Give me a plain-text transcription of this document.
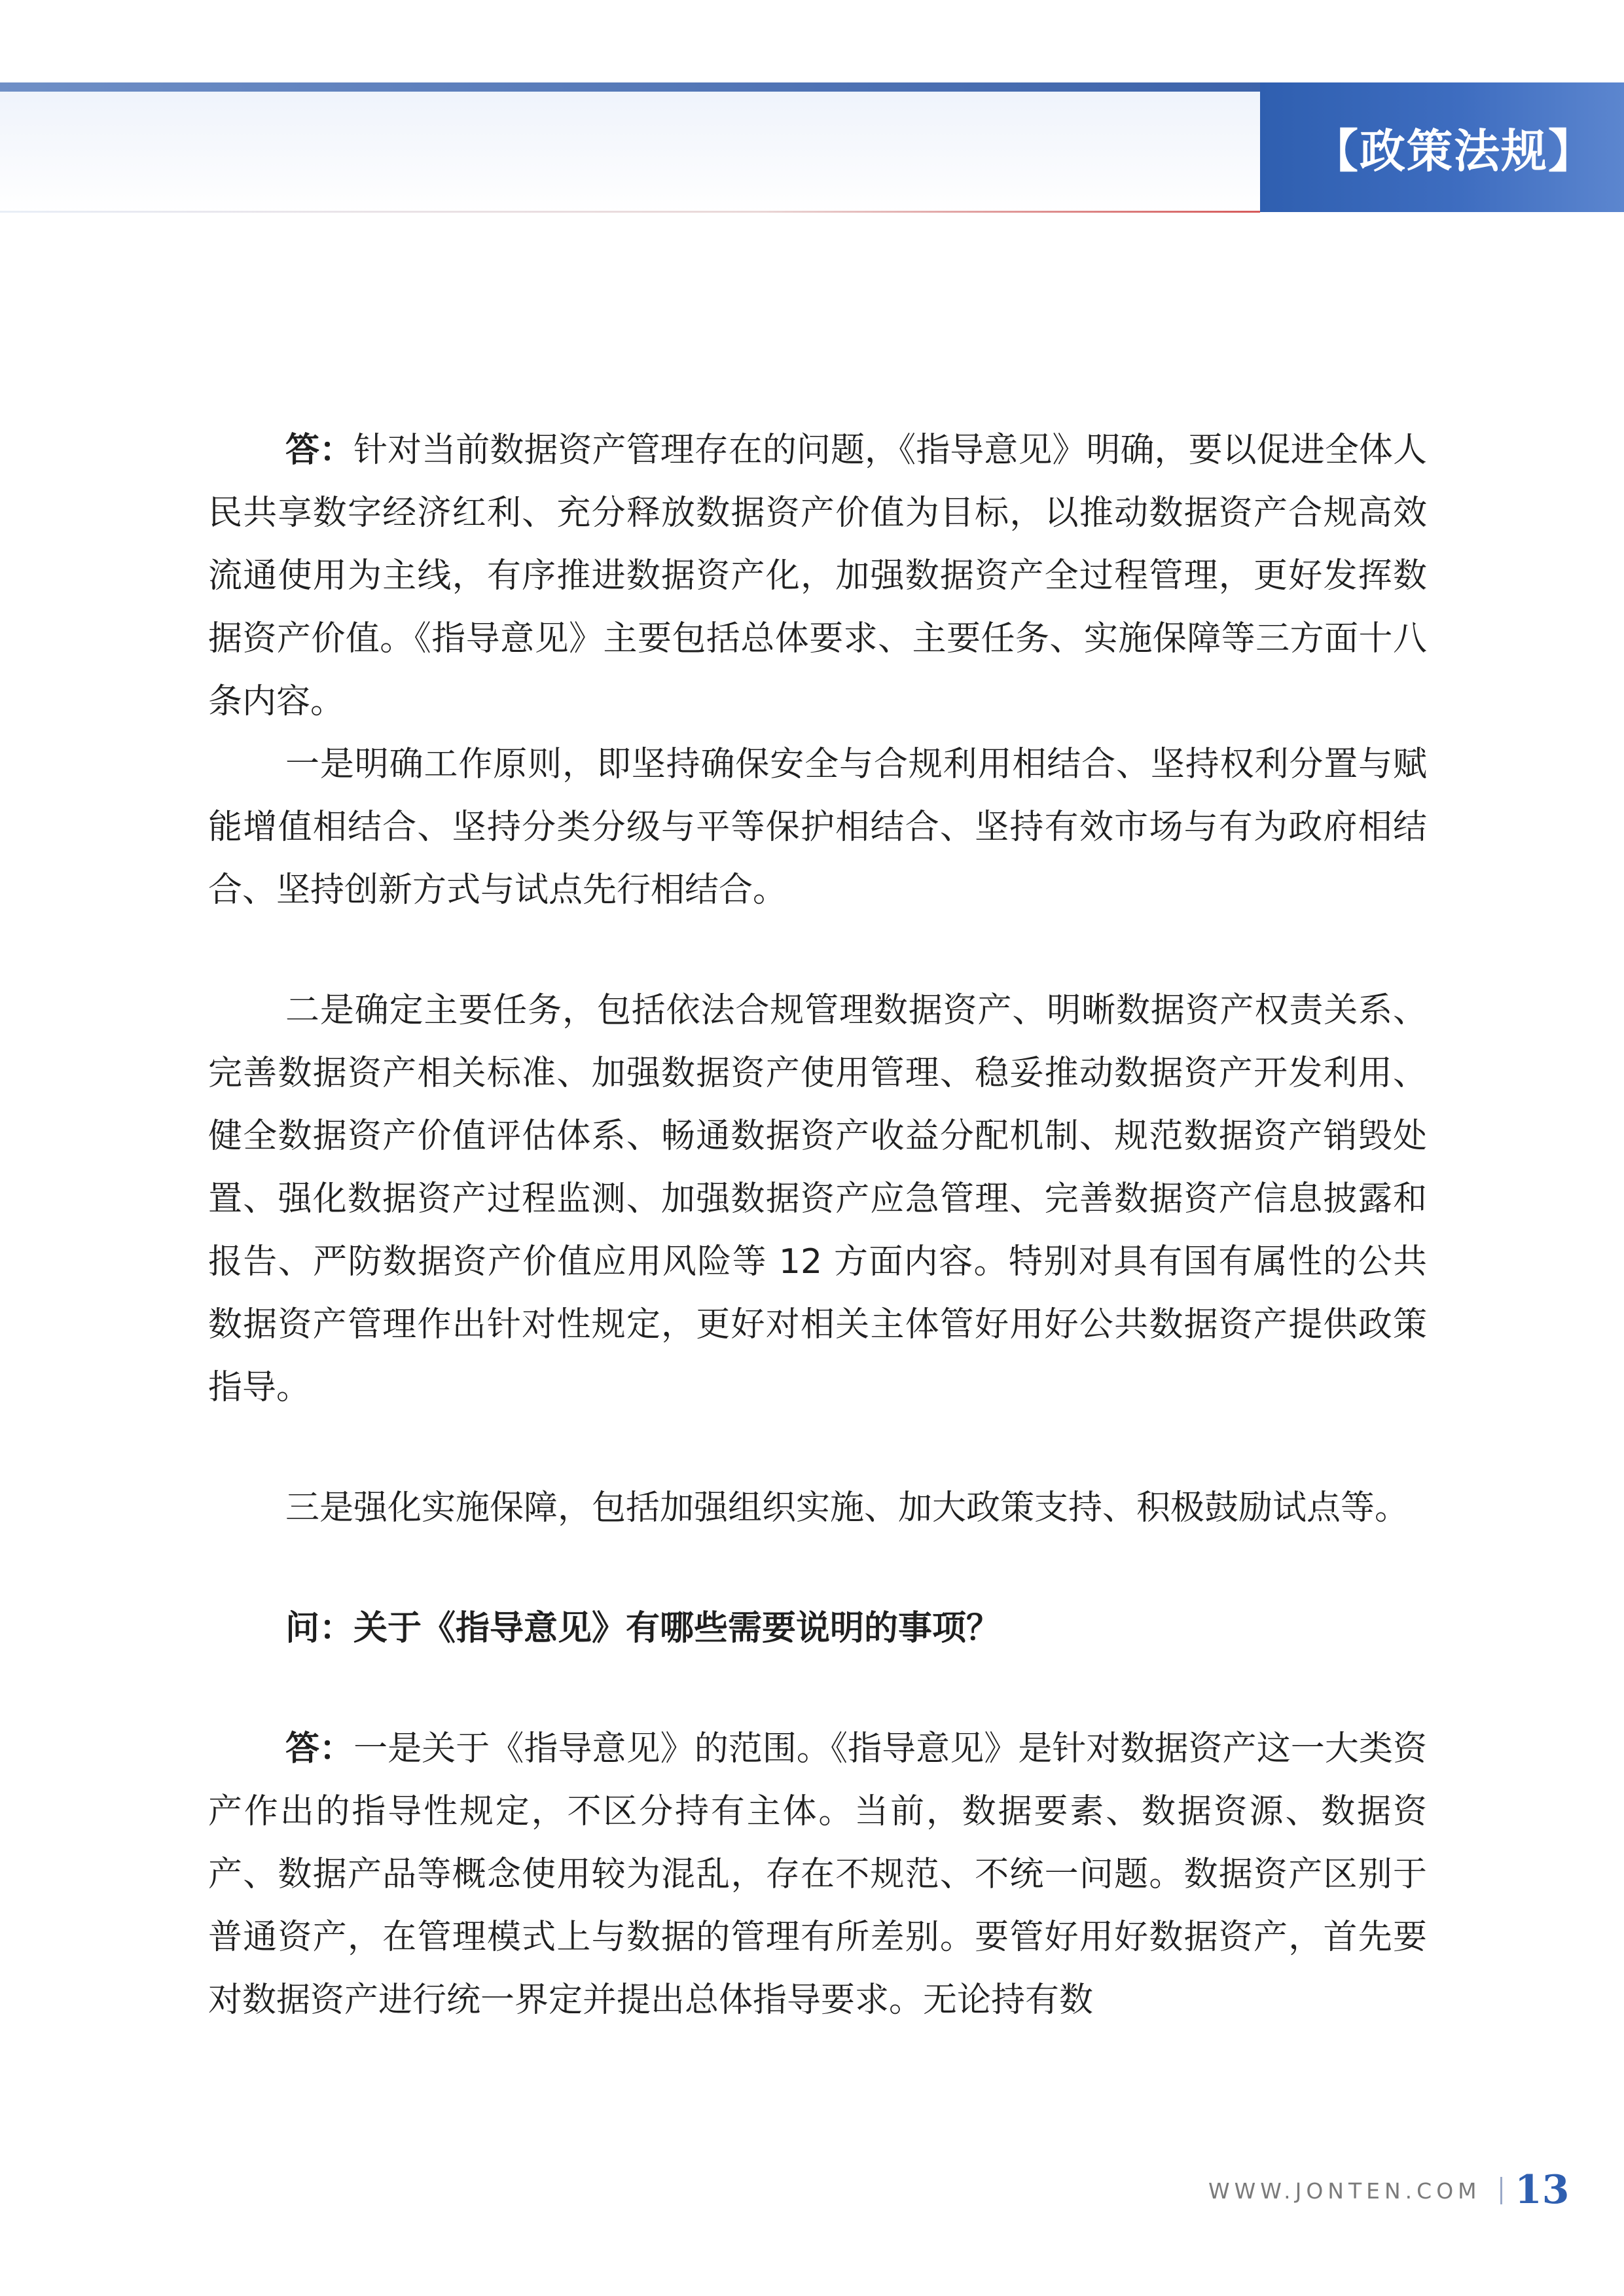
【政策法规】

答：针对当前数据资产管理存在的问题，《指导意见》明确，要以促进全体人民共享数字经济红利、充分释放数据资产价值为目标，以推动数据资产合规高效流通使用为主线，有序推进数据资产化，加强数据资产全过程管理，更好发挥数据资产价值。《指导意见》主要包括总体要求、主要任务、实施保障等三方面十八条内容。

一是明确工作原则，即坚持确保安全与合规利用相结合、坚持权利分置与赋能增值相结合、坚持分类分级与平等保护相结合、坚持有效市场与有为政府相结合、坚持创新方式与试点先行相结合。

二是确定主要任务，包括依法合规管理数据资产、明晰数据资产权责关系、完善数据资产相关标准、加强数据资产使用管理、稳妥推动数据资产开发利用、健全数据资产价值评估体系、畅通数据资产收益分配机制、规范数据资产销毁处置、强化数据资产过程监测、加强数据资产应急管理、完善数据资产信息披露和报告、严防数据资产价值应用风险等 12 方面内容。特别对具有国有属性的公共数据资产管理作出针对性规定，更好对相关主体管好用好公共数据资产提供政策指导。

三是强化实施保障，包括加强组织实施、加大政策支持、积极鼓励试点等。

问：关于《指导意见》有哪些需要说明的事项？

答：一是关于《指导意见》的范围。《指导意见》是针对数据资产这一大类资产作出的指导性规定，不区分持有主体。当前，数据要素、数据资源、数据资产、数据产品等概念使用较为混乱，存在不规范、不统一问题。数据资产区别于普通资产，在管理模式上与数据的管理有所差别。要管好用好数据资产，首先要对数据资产进行统一界定并提出总体指导要求。无论持有数

WWW.JONTEN.COM 13
